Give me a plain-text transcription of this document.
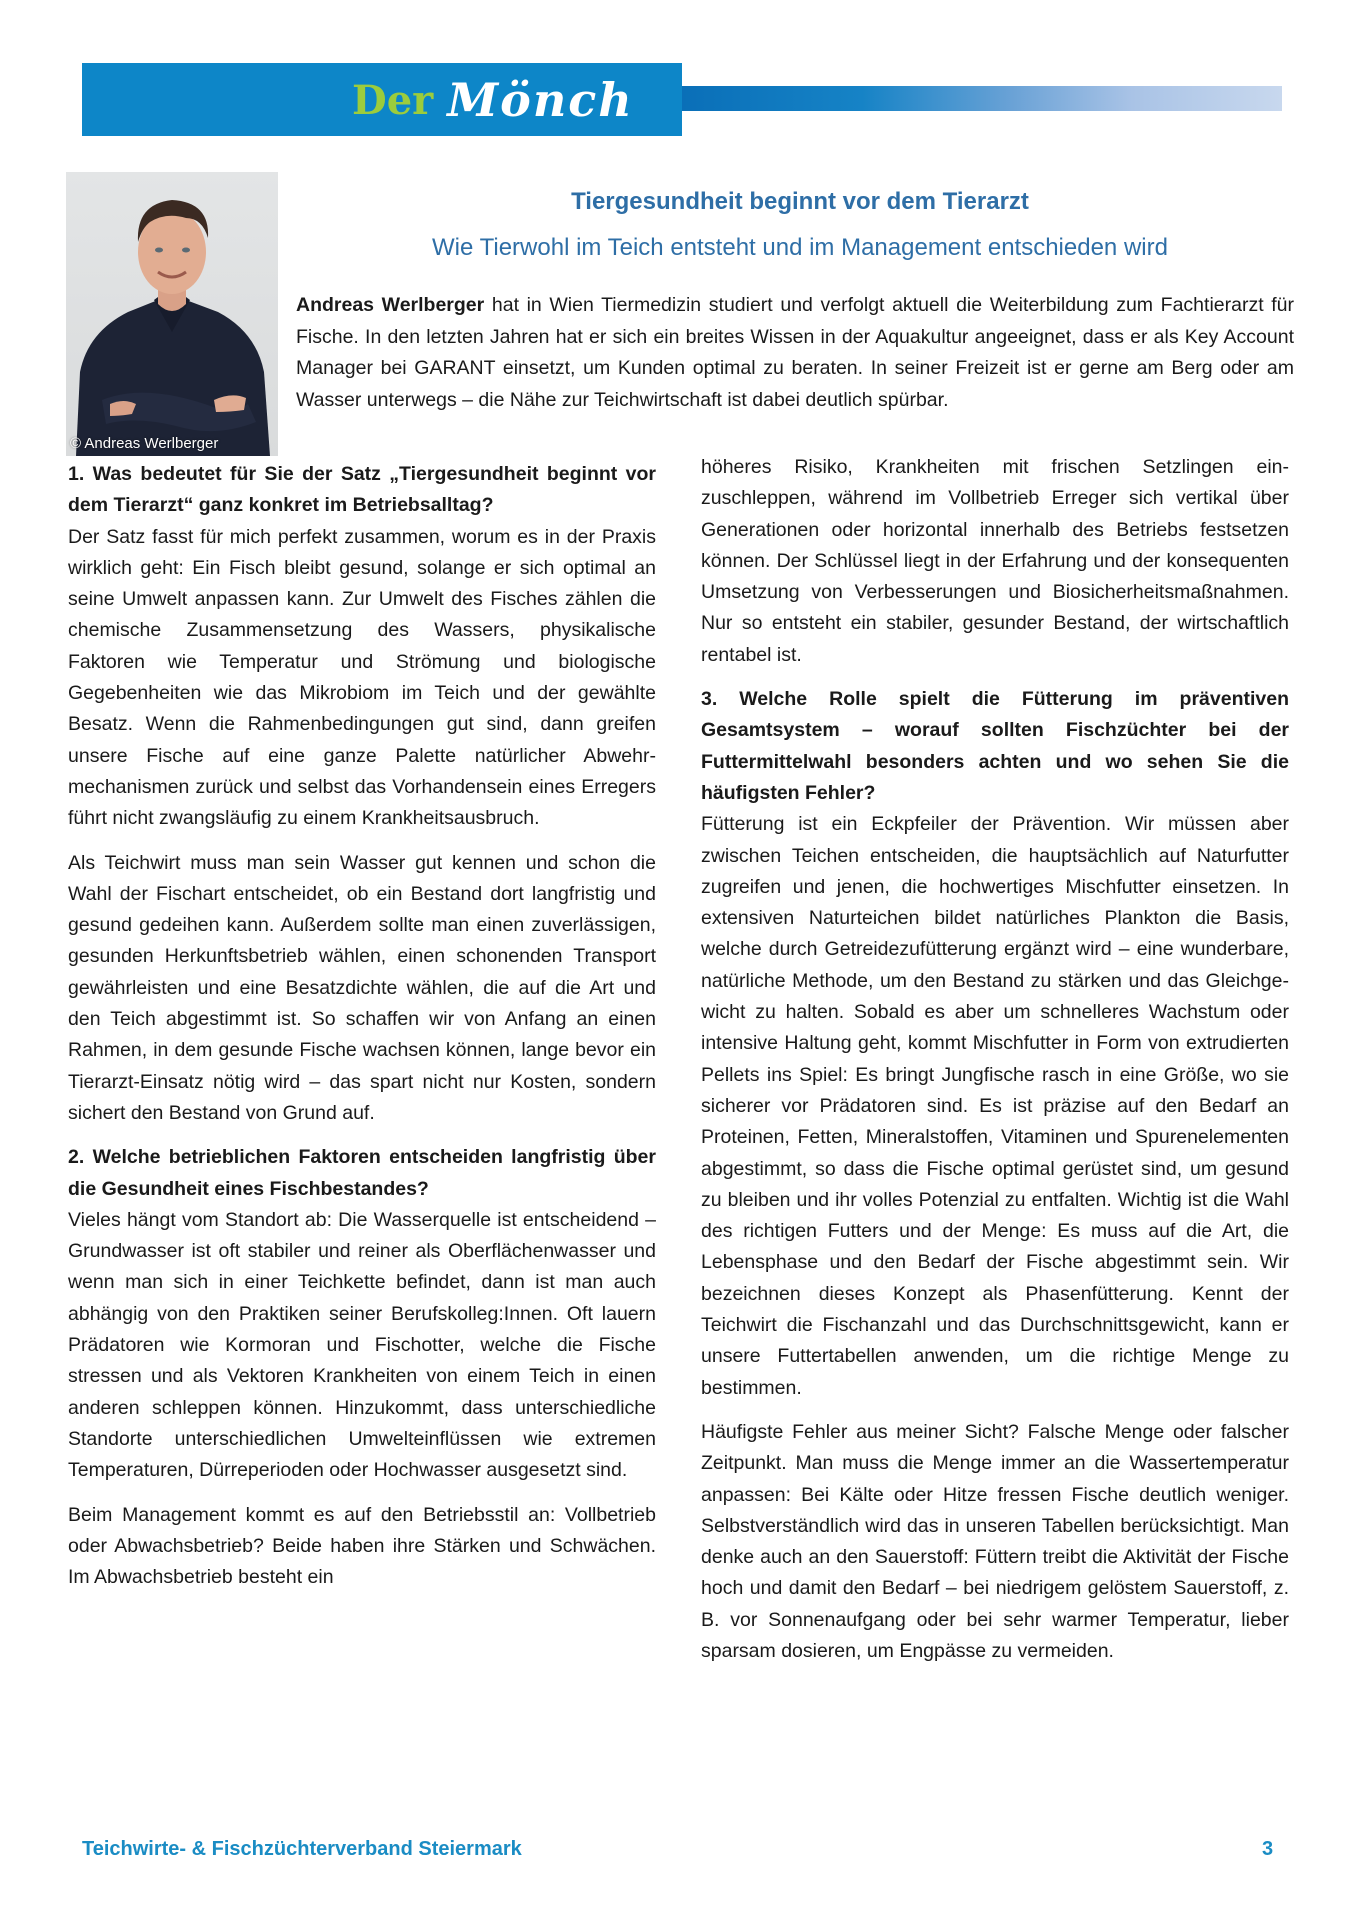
Der Mönch
© Andreas Werlberger
Tiergesundheit beginnt vor dem Tierarzt
Wie Tierwohl im Teich entsteht und im Management entschieden wird
Andreas Werlberger hat in Wien Tiermedizin studiert und verfolgt aktuell die Weiterbildung zum Fachtierarzt für Fische. In den letzten Jahren hat er sich ein breites Wissen in der Aquakultur angeeignet, dass er als Key Account Manager bei GARANT einsetzt, um Kunden optimal zu beraten. In seiner Freizeit ist er gerne am Berg oder am Wasser unterwegs – die Nähe zur Teichwirtschaft ist dabei deutlich spürbar.

1. Was bedeutet für Sie der Satz „Tiergesundheit beginnt vor dem Tierarzt“ ganz konkret im Betriebsalltag?

Der Satz fasst für mich perfekt zusammen, worum es in der Praxis wirklich geht: Ein Fisch bleibt gesund, solange er sich optimal an seine Umwelt anpassen kann. Zur Umwelt des Fisches zählen die chemische Zusammensetzung des Wassers, physikalische Faktoren wie Temperatur und Strömung und biologische Gegebenheiten wie das Mikrobiom im Teich und der gewählte Besatz. Wenn die Rahmenbedingungen gut sind, dann greifen unsere Fische auf eine ganze Palette natürlicher Abwehrmechanismen zurück und selbst das Vorhandensein eines Erregers führt nicht zwangsläufig zu einem Krankheitsausbruch.

Als Teichwirt muss man sein Wasser gut kennen und schon die Wahl der Fischart entscheidet, ob ein Bestand dort langfristig und gesund gedeihen kann. Außerdem sollte man einen zuverlässigen, gesunden Herkunftsbetrieb wählen, einen schonenden Transport gewährleisten und eine Besatzdichte wählen, die auf die Art und den Teich abgestimmt ist. So schaffen wir von Anfang an einen Rahmen, in dem gesunde Fische wachsen können, lange bevor ein Tierarzt-Einsatz nötig wird – das spart nicht nur Kosten, sondern sichert den Bestand von Grund auf.

2. Welche betrieblichen Faktoren entscheiden langfristig über die Gesundheit eines Fischbestandes?

Vieles hängt vom Standort ab: Die Wasserquelle ist entscheidend – Grundwasser ist oft stabiler und reiner als Oberflächenwasser und wenn man sich in einer Teichkette befindet, dann ist man auch abhängig von den Praktiken seiner Berufskolleg:Innen. Oft lauern Prädatoren wie Kormoran und Fischotter, welche die Fische stressen und als Vektoren Krankheiten von einem Teich in einen anderen schleppen können. Hinzukommt, dass unterschiedliche Standorte unterschiedlichen Umwelteinflüssen wie extremen Temperaturen, Dürreperioden oder Hochwasser ausgesetzt sind.

Beim Management kommt es auf den Betriebsstil an: Vollbetrieb oder Abwachsbetrieb? Beide haben ihre Stärken und Schwächen. Im Abwachsbetrieb besteht ein

höheres Risiko, Krankheiten mit frischen Setzlingen einzuschleppen, während im Vollbetrieb Erreger sich vertikal über Generationen oder horizontal innerhalb des Betriebs festsetzen können. Der Schlüssel liegt in der Erfahrung und der konsequenten Umsetzung von Verbesserungen und Biosicherheitsmaßnahmen. Nur so entsteht ein stabiler, gesunder Bestand, der wirtschaftlich rentabel ist.

3. Welche Rolle spielt die Fütterung im präventiven Gesamtsystem – worauf sollten Fischzüchter bei der Futtermittelwahl besonders achten und wo sehen Sie die häufigsten Fehler?

Fütterung ist ein Eckpfeiler der Prävention. Wir müssen aber zwischen Teichen entscheiden, die hauptsächlich auf Naturfutter zugreifen und jenen, die hochwertiges Mischfutter einsetzen. In extensiven Naturteichen bildet natürliches Plankton die Basis, welche durch Getreidezufütterung ergänzt wird – eine wunderbare, natürliche Methode, um den Bestand zu stärken und das Gleichgewicht zu halten. Sobald es aber um schnelleres Wachstum oder intensive Haltung geht, kommt Mischfutter in Form von extrudierten Pellets ins Spiel: Es bringt Jungfische rasch in eine Größe, wo sie sicherer vor Prädatoren sind. Es ist präzise auf den Bedarf an Proteinen, Fetten, Mineralstoffen, Vitaminen und Spurenelementen abgestimmt, so dass die Fische optimal gerüstet sind, um gesund zu bleiben und ihr volles Potenzial zu entfalten. Wichtig ist die Wahl des richtigen Futters und der Menge: Es muss auf die Art, die Lebensphase und den Bedarf der Fische abgestimmt sein. Wir bezeichnen dieses Konzept als Phasenfütterung. Kennt der Teichwirt die Fischanzahl und das Durchschnittsgewicht, kann er unsere Futtertabellen anwenden, um die richtige Menge zu bestimmen.

Häufigste Fehler aus meiner Sicht? Falsche Menge oder falscher Zeitpunkt. Man muss die Menge immer an die Wassertemperatur anpassen: Bei Kälte oder Hitze fressen Fische deutlich weniger. Selbstverständlich wird das in unseren Tabellen berücksichtigt. Man denke auch an den Sauerstoff: Füttern treibt die Aktivität der Fische hoch und damit den Bedarf – bei niedrigem gelöstem Sauerstoff, z. B. vor Sonnenaufgang oder bei sehr warmer Temperatur, lieber sparsam dosieren, um Engpässe zu vermeiden.

Teichwirte- & Fischzüchterverband Steiermark	3
